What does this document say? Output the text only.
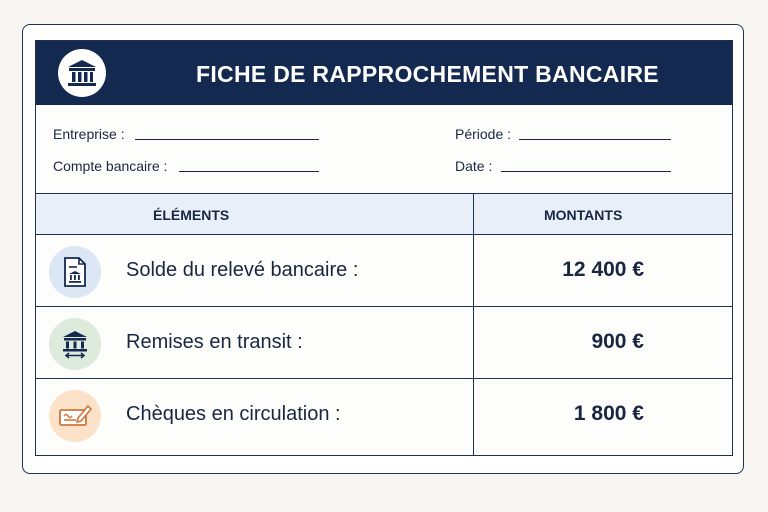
FICHE DE RAPPROCHEMENT BANCAIRE
Entreprise :
Compte bancaire :
Période :
Date :
ÉLÉMENTS	MONTANTS
Solde du relevé bancaire :	12 400 €
Remises en transit :	900 €
Chèques en circulation :	1 800 €
